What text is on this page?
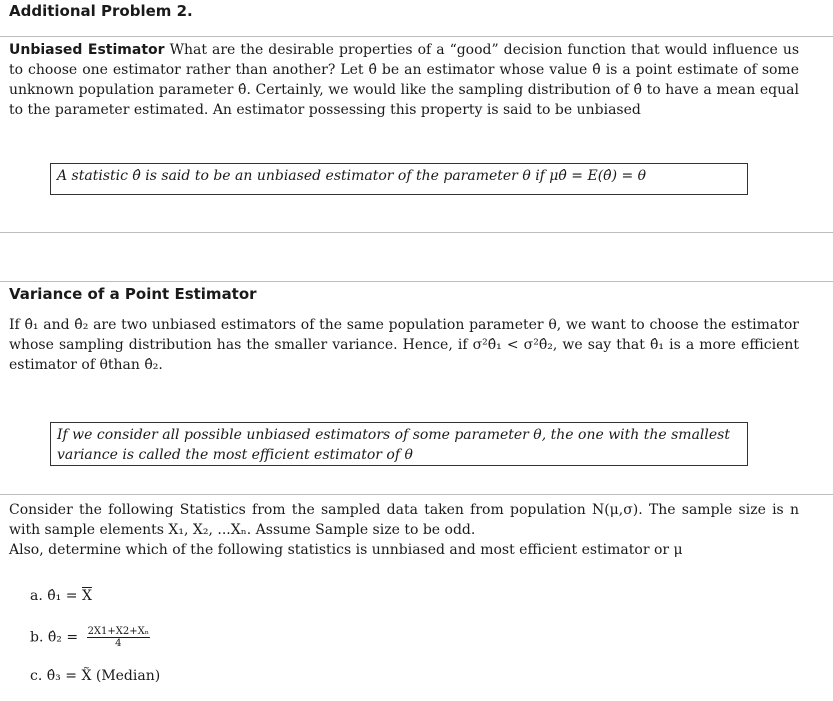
Additional Problem 2.
Unbiased Estimator What are the desirable properties of a “good” decision function that would influence us to choose one estimator rather than another? Let θ̂ be an estimator whose value θ̂ is a point estimate of some unknown population parameter θ̂. Certainly, we would like the sampling distribution of θ̂ to have a mean equal to the parameter estimated. An estimator possessing this property is said to be unbiased
A statistic θ̂ is said to be an unbiased estimator of the parameter θ if μθ̂ = E(θ̂) = θ
Variance of a Point Estimator
If θ̂₁ and θ̂₂ are two unbiased estimators of the same population parameter θ, we want to choose the estimator whose sampling distribution has the smaller variance. Hence, if σ²θ̂₁ < σ²θ̂₂, we say that θ̂₁ is a more efficient estimator of θthan θ̂₂.
If we consider all possible unbiased estimators of some parameter θ, the one with the smallest variance is called the most efficient estimator of θ
Consider the following Statistics from the sampled data taken from population N(μ,σ). The sample size is n with sample elements X₁, X₂, ...Xₙ. Assume Sample size to be odd.
Also, determine which of the following statistics is unnbiased and most efficient estimator or μ
a. θ̂₁ = $\overline{X}$
b. θ̂₂ = $\frac{\text{2X1+X2+Xₙ}}{4}$
c. θ̂₃ = X̃ (Median)
